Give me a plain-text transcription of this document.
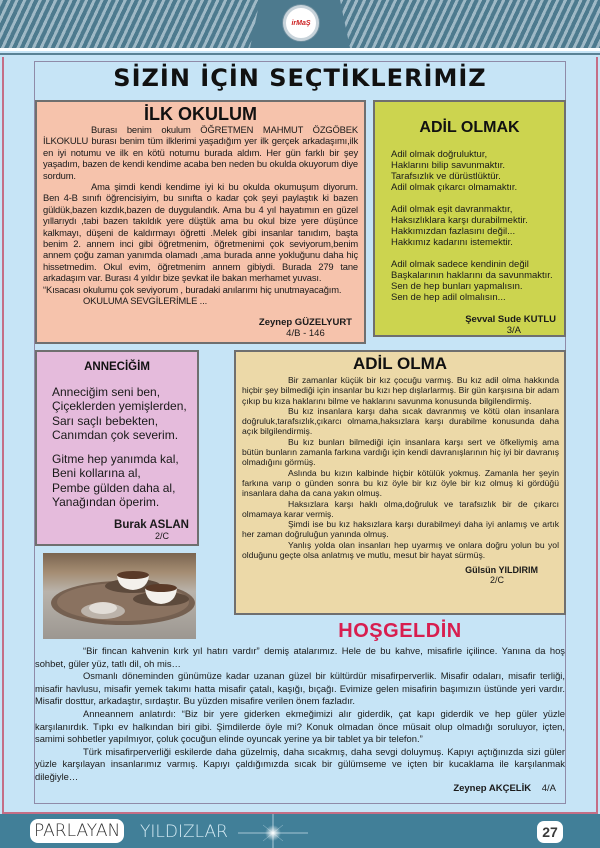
irMaŞ
SİZİN İÇİN SEÇTİKLERİMİZ
İLK OKULUM

Burası benim okulum ÖĞRETMEN MAHMUT ÖZGÖBEK İLKOKULU burası benim tüm ilklerimi yaşadığım yer ilk gerçek arkadaşımı,ilk en iyi notumu ve ilk en kötü notumu burada aldım. Her gün farklı bir şey yaşadım, bazen de kendi kendime acaba ben neden bu okulda okuyorum diye sordum.

Ama şimdi kendi kendime iyi ki bu okulda okumuşum diyorum. Ben 4-B sınıfı öğrencisiyim, bu sınıfta o kadar çok şeyi paylaştık ki bazen güldük,bazen kızdık,bazen de duygulandık. Ama bu 4 yıl hayatımın en güzel yıllarıydı ,tabi bazen takıldık yere düştük ama bu okul bize yere düşünce kalkmayı, düşeni de kaldırmayı öğretti .Melek gibi insanlar tanıdım, başta benim 2. annem inci gibi öğretmenim, öğretmenimi çok seviyorum,benim annem çoğu zaman yanımda olamadı ,ama burada anne yokluğunu daha hiç hissetmedim. Okul evim, öğretmenim annem gibiydi. Burada 279 tane arkadaşım var. Burası 4 yıldır bize şevkat ile bakan merhamet yuvası.

“Kısacası okulumu çok seviyorum , buradaki anılarımı hiç unutmayacağım.

OKULUMA SEVGİLERİMLE ...

Zeynep GÜZELYURT
4/B - 146
ADİL OLMAK
Adil olmak doğruluktur,
Haklarını bilip savunmaktır.
Tarafsızlık ve dürüstlüktür.
Adil olmak çıkarcı olmamaktır.
Adil olmak eşit davranmaktır,
Haksızlıklara karşı durabilmektir.
Hakkımızdan fazlasını değil...
Hakkımız kadarını istemektir.
Adil olmak sadece kendinin değil
Başkalarının haklarını da savunmaktır.
Sen de hep bunları yapmalısın.
Sen de hep adil olmalısın...
Şevval Sude KUTLU
3/A
ANNECİĞİM
Anneciğim seni ben,
Çiçeklerden yemişlerden,
Sarı saçlı bebekten,
Canımdan çok severim.
Gitme hep yanımda kal,
Beni kollarına al,
Pembe gülden daha al,
Yanağından öperim.
Burak ASLAN
2/C
ADİL OLMA

Bir zamanlar küçük bir kız çocuğu varmış. Bu kız adil olma hakkında hiçbir şey bilmediği için insanlar bu kızı hep dışlarlarmış. Bir gün karşısına bir adam çıkıp bu kıza haklarını bilme ve haklarını savunma konusunda bilgilendirmiş.

Bu kız insanlara karşı daha sıcak davranmış ve kötü olan insanlara doğruluk,tarafsızlık,çıkarcı olmama,haksızlara karşı durabilme konusunda daha açık bilgilendirmiş.

Bu kız bunları bilmediği için insanlara karşı sert ve öfkeliymiş ama bütün bunların zamanla farkına vardığı için kendi davranışlarının hiç iyi bir davranış olmadığını görmüş.

Aslında bu kızın kalbinde hiçbir kötülük yokmuş. Zamanla her şeyin farkına varıp o günden sonra bu kız öyle bir kız öyle bir kız olmuş ki gördüğü insanlara daha da cana yakın olmuş.

Haksızlara karşı haklı olma,doğruluk ve tarafsızlık bir de çıkarcı olmamaya karar vermiş.

Şimdi ise bu kız haksızlara karşı durabilmeyi daha iyi anlamış ve artık her zaman doğruluğun yanında olmuş.

Yanlış yolda olan insanları hep uyarmış ve onlara doğru yolun bu yol olduğunu geçte olsa anlatmış ve mutlu, mesut bir hayat sürmüş.

Gülsün YILDIRIM
2/C
HOŞGELDİN

“Bir fincan kahvenin kırk yıl hatırı vardır” demiş atalarımız. Hele de bu kahve, misafirle içilince. Yanına da hoş sohbet, güler yüz, tatlı dil, oh mis…

Osmanlı döneminden günümüze kadar uzanan güzel bir kültürdür misafirperverlik. Misafir odaları, misafir terliği, misafir havlusu, misafir yemek takımı hatta misafir çatalı, kaşığı, bıçağı. Evimize gelen misafirin başımızın üstünde yeri vardır. Misafir dosttur, arkadaştır, sırdaştır. Bu yüzden misafire verilen önem fazladır.

Anneannem anlatırdı: “Biz bir yere giderken ekmeğimizi alır giderdik, çat kapı giderdik ve hep güler yüzle karşılanırdık. Tıpkı ev halkından biri gibi. Şimdilerde öyle mi? Konuk olmadan önce müsait olup olmadığı soruluyor, içten, samimi sohbetler yapılmıyor, çoluk çocuğun elinde oyuncak yerine ya bir tablet ya bir telefon.”

Türk misafirperverliği eskilerde daha güzelmiş, daha sıcakmış, daha sevgi doluymuş. Kapıyı açtığınızda sizi güler yüzle karşılayan insanlarımız varmış. Kapıyı çaldığımızda sıcak bir gülümseme ve içten bir kucaklama ile karşılanmak dileğiyle…

Zeynep AKÇELİK 4/A
PARLAYAN YILDIZLAR	27
